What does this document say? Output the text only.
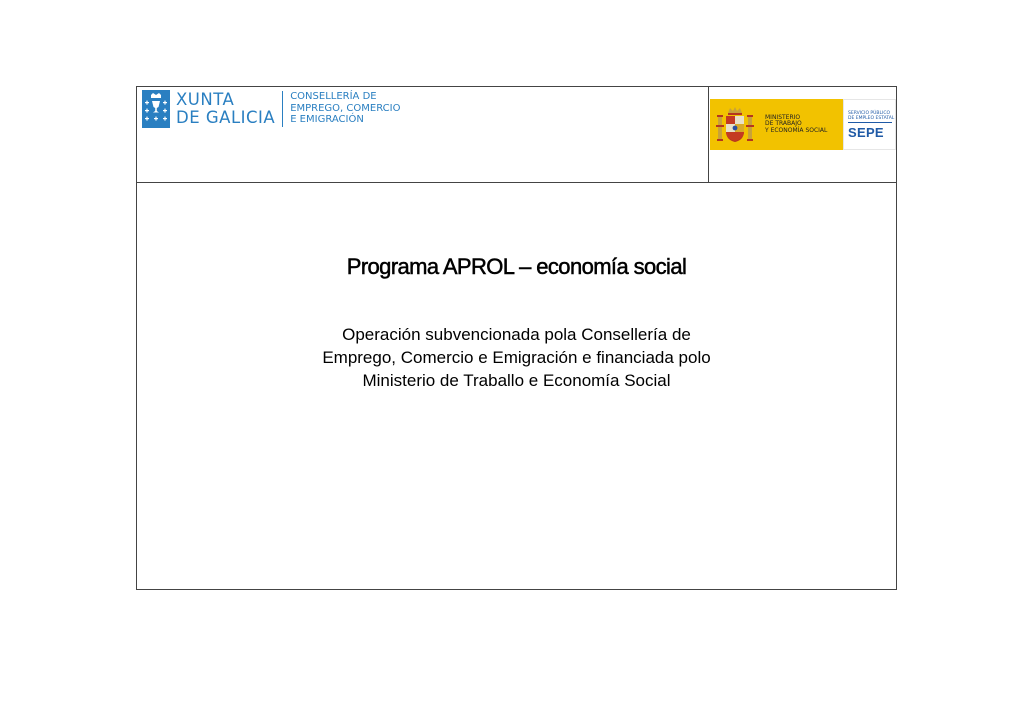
XUNTA
DE GALICIA
CONSELLERÍA DE
EMPREGO, COMERCIO
E EMIGRACIÓN	MINISTERIO
DE TRABAJO
Y ECONOMÍA SOCIAL
SERVICIO PÚBLICO
DE EMPLEO ESTATAL
SEPE
Programa APROL – economía social
Operación subvencionada pola Consellería de
Emprego, Comercio e Emigración e financiada polo
Ministerio de Traballo e Economía Social
